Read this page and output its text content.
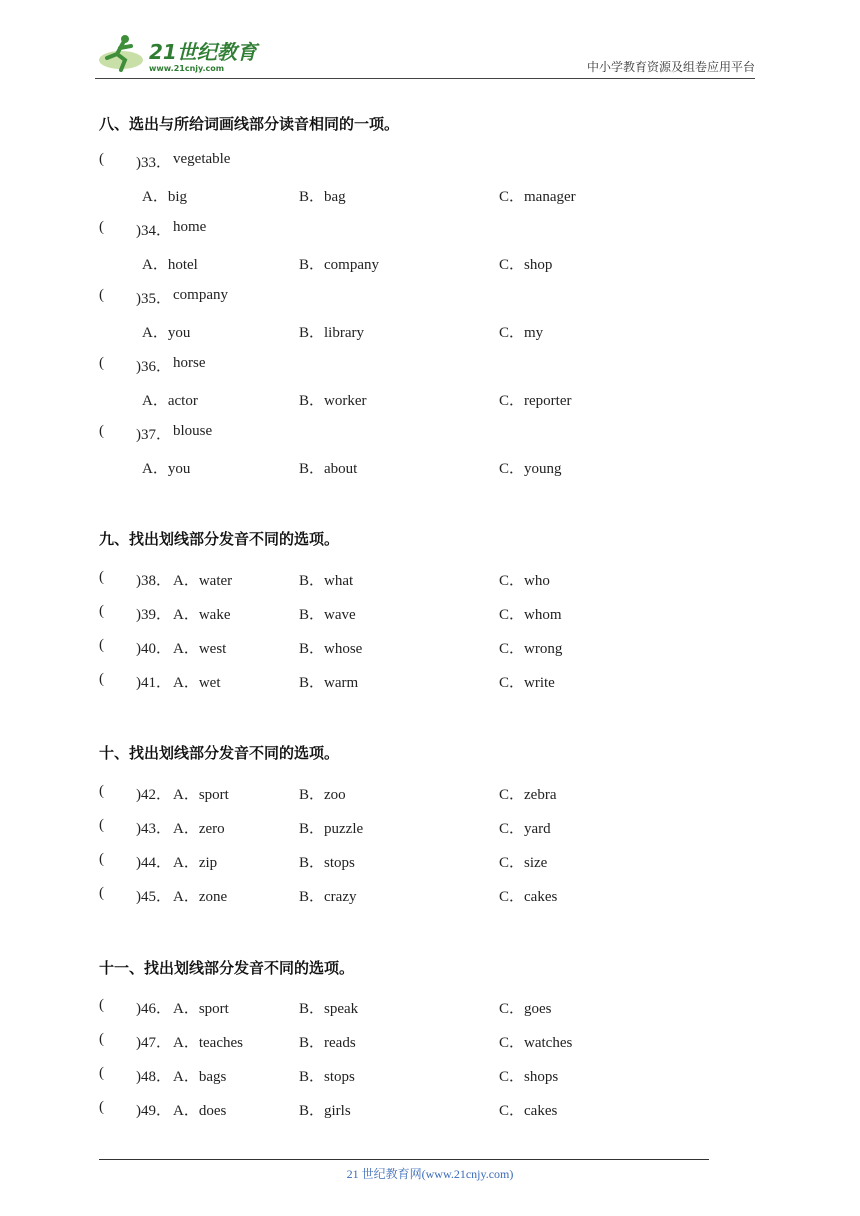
21世纪教育
www.21cnjy.com	中小学教育资源及组卷应用平台
八、选出与所给词画线部分读音相同的一项。
( )33． vegetable
A．big	B．bag	C．manager
( )34． home
A．hotel	B．company	C．shop
( )35． company
A．you	B．library	C．my
( )36． horse
A．actor	B．worker	C．reporter
( )37． blouse
A．you	B．about	C．young
九、找出划线部分发音不同的选项。
( )38． A．water	B．what	C．who
( )39． A．wake	B．wave	C．whom
( )40． A．west	B．whose	C．wrong
( )41． A．wet	B．warm	C．write
十、找出划线部分发音不同的选项。
( )42． A．sport	B．zoo	C．zebra
( )43． A．zero	B．puzzle	C．yard
( )44． A．zip	B．stops	C．size
( )45． A．zone	B．crazy	C．cakes
十一、找出划线部分发音不同的选项。
( )46． A．sport	B．speak	C．goes
( )47． A．teaches	B．reads	C．watches
( )48． A．bags	B．stops	C．shops
( )49． A．does	B．girls	C．cakes
21 世纪教育网(www.21cnjy.com)
